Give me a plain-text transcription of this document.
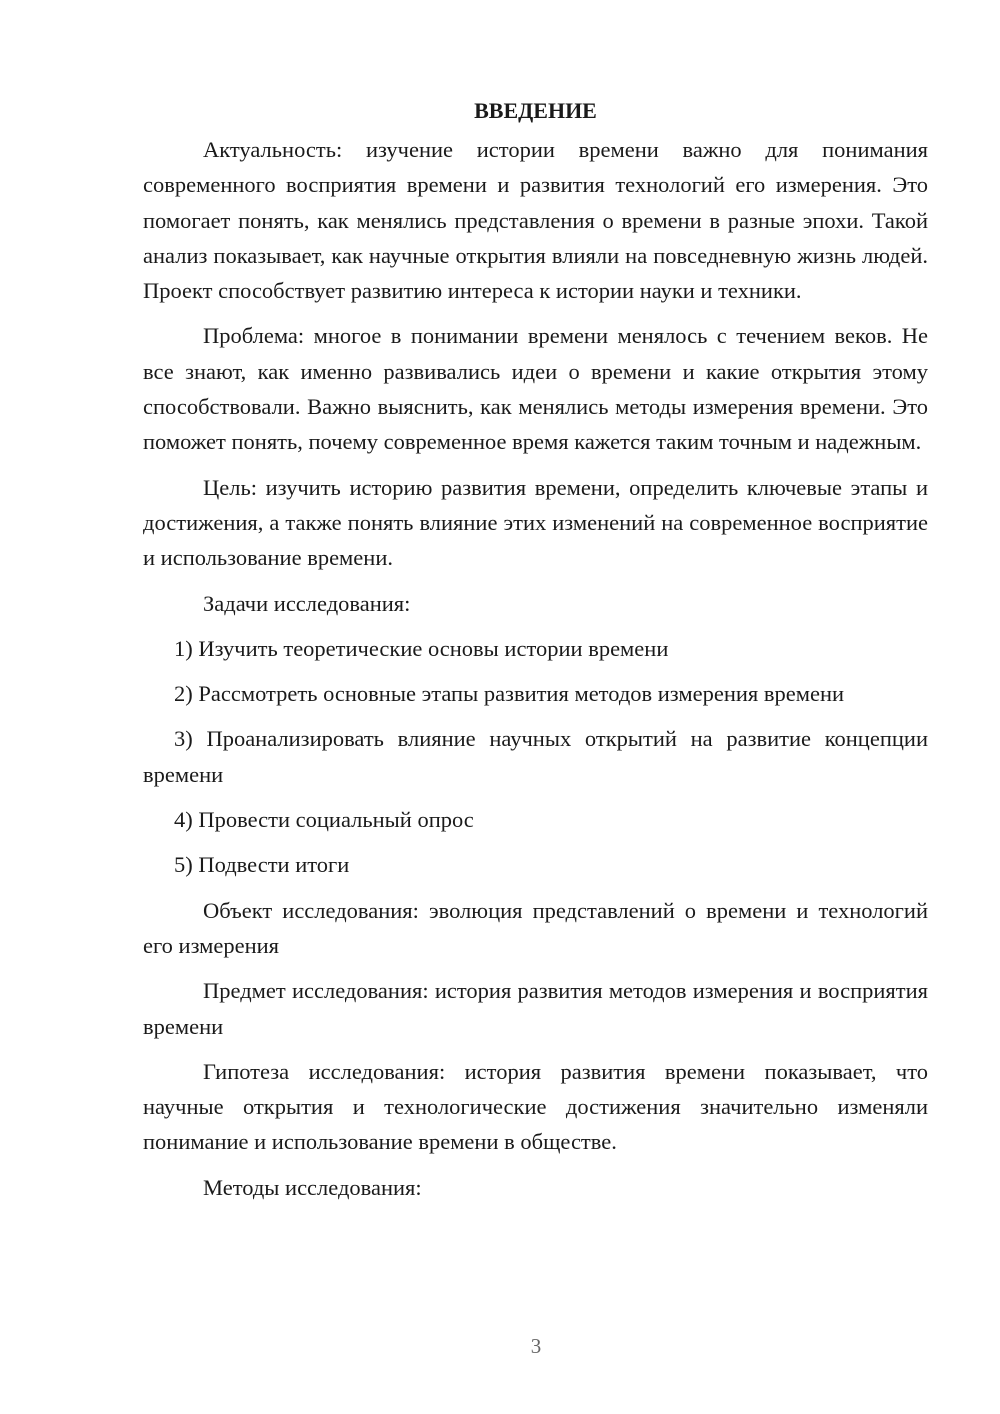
ВВЕДЕНИЕ

Актуальность: изучение истории времени важно для понимания современного восприятия времени и развития технологий его измерения. Это помогает понять, как менялись представления о времени в разные эпохи. Такой анализ показывает, как научные открытия влияли на повседневную жизнь людей. Проект способствует развитию интереса к истории науки и техники.

Проблема: многое в понимании времени менялось с течением веков. Не все знают, как именно развивались идеи о времени и какие открытия этому способствовали. Важно выяснить, как менялись методы измерения времени. Это поможет понять, почему современное время кажется таким точным и надежным.

Цель: изучить историю развития времени, определить ключевые этапы и достижения, а также понять влияние этих изменений на современное восприятие и использование времени.

Задачи исследования:

1) Изучить теоретические основы истории времени

2) Рассмотреть основные этапы развития методов измерения времени

3) Проанализировать влияние научных открытий на развитие концепции времени

4) Провести социальный опрос

5) Подвести итоги

Объект исследования: эволюция представлений о времени и технологий его измерения

Предмет исследования: история развития методов измерения и восприятия времени

Гипотеза исследования: история развития времени показывает, что научные открытия и технологические достижения значительно изменяли понимание и использование времени в обществе.

Методы исследования:

3
